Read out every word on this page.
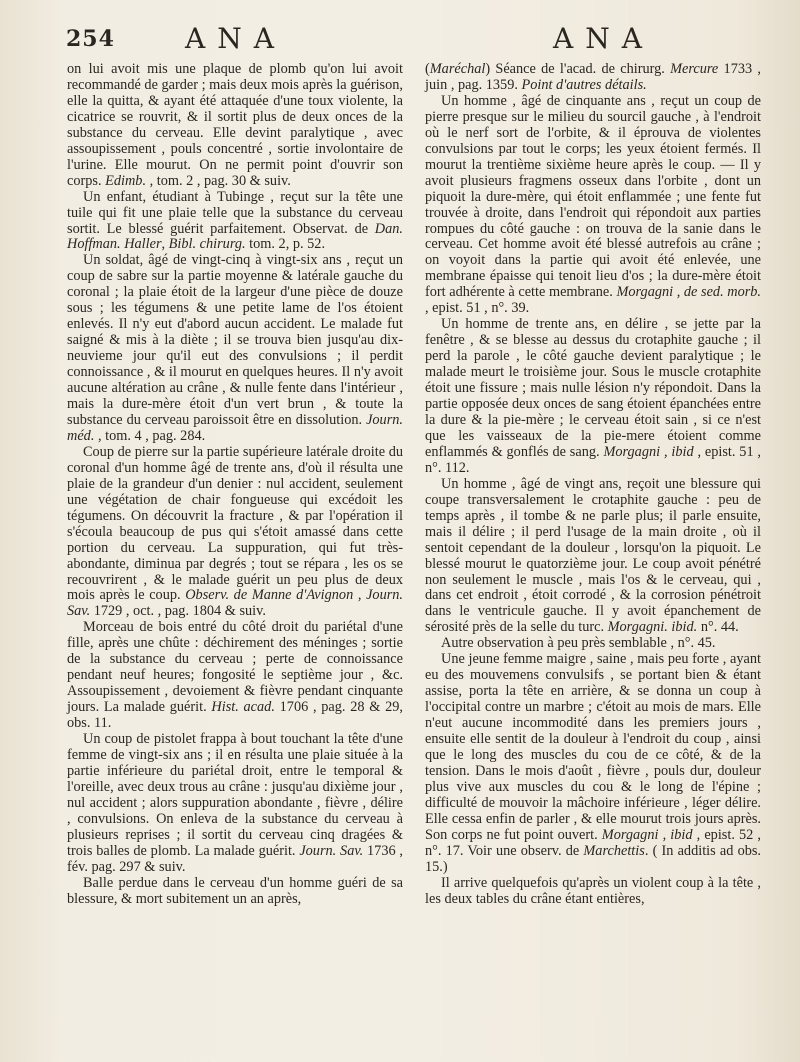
254	ANA	ANA

on lui avoit mis une plaque de plomb qu'on lui avoit recommandé de garder ; mais deux mois après la guérison, elle la quitta, & ayant été attaquée d'une toux violente, la cicatrice se rouvrit, & il sortit plus de deux onces de la substance du cerveau. Elle devint paralytique , avec assoupissement , pouls concentré , sortie involontaire de l'urine. Elle mourut. On ne permit point d'ouvrir son corps. Edimb. , tom. 2 , pag. 30 & suiv.

Un enfant, étudiant à Tubinge , reçut sur la tête une tuile qui fit une plaie telle que la substance du cerveau sortit. Le blessé guérit parfaitement. Observat. de Dan. Hoffman. Haller, Bibl. chirurg. tom. 2, p. 52.

Un soldat, âgé de vingt-cinq à vingt-six ans , reçut un coup de sabre sur la partie moyenne & latérale gauche du coronal ; la plaie étoit de la largeur d'une pièce de douze sous ; les tégumens & une petite lame de l'os étoient enlevés. Il n'y eut d'abord aucun accident. Le malade fut saigné & mis à la diète ; il se trouva bien jusqu'au dix-neuvieme jour qu'il eut des convulsions ; il perdit connoissance , & il mourut en quelques heures. Il n'y avoit aucune altération au crâne , & nulle fente dans l'intérieur , mais la dure-mère étoit d'un vert brun , & toute la substance du cerveau paroissoit être en dissolution. Journ. méd. , tom. 4 , pag. 284.

Coup de pierre sur la partie supérieure latérale droite du coronal d'un homme âgé de trente ans, d'où il résulta une plaie de la grandeur d'un denier : nul accident, seulement une végétation de chair fongueuse qui excédoit les tégumens. On découvrit la fracture , & par l'opération il s'écoula beaucoup de pus qui s'étoit amassé dans cette portion du cerveau. La suppuration, qui fut très-abondante, diminua par degrés ; tout se répara , les os se recouvrirent , & le malade guérit un peu plus de deux mois après le coup. Observ. de Manne d'Avignon , Journ. Sav. 1729 , oct. , pag. 1804 & suiv.

Morceau de bois entré du côté droit du pariétal d'une fille, après une chûte : déchirement des méninges ; sortie de la substance du cerveau ; perte de connoissance pendant neuf heures; fongosité le septième jour , &c. Assoupissement , devoiement & fièvre pendant cinquante jours. La malade guérit. Hist. acad. 1706 , pag. 28 & 29, obs. 11.

Un coup de pistolet frappa à bout touchant la tête d'une femme de vingt-six ans ; il en résulta une plaie située à la partie inférieure du pariétal droit, entre le temporal & l'oreille, avec deux trous au crâne : jusqu'au dixième jour , nul accident ; alors suppuration abondante , fièvre , délire , convulsions. On enleva de la substance du cerveau à plusieurs reprises ; il sortit du cerveau cinq dragées & trois balles de plomb. La malade guérit. Journ. Sav. 1736 , fév. pag. 297 & suiv.

Balle perdue dans le cerveau d'un homme guéri de sa blessure, & mort subitement un an après,

(Maréchal) Séance de l'acad. de chirurg. Mercure 1733 , juin , pag. 1359. Point d'autres détails.

Un homme , âgé de cinquante ans , reçut un coup de pierre presque sur le milieu du sourcil gauche , à l'endroit où le nerf sort de l'orbite, & il éprouva de violentes convulsions par tout le corps; les yeux étoient fermés. Il mourut la trentième sixième heure après le coup. — Il y avoit plusieurs fragmens osseux dans l'orbite , dont un piquoit la dure-mère, qui étoit enflammée ; une fente fut trouvée à droite, dans l'endroit qui répondoit aux parties rompues du côté gauche : on trouva de la sanie dans le cerveau. Cet homme avoit été blessé autrefois au crâne ; on voyoit dans la partie qui avoit été enlevée, une membrane épaisse qui tenoit lieu d'os ; la dure-mère étoit fort adhérente à cette membrane. Morgagni , de sed. morb. , epist. 51 , n°. 39.

Un homme de trente ans, en délire , se jette par la fenêtre , & se blesse au dessus du crotaphite gauche ; il perd la parole , le côté gauche devient paralytique ; le malade meurt le troisième jour. Sous le muscle crotaphite étoit une fissure ; mais nulle lésion n'y répondoit. Dans la partie opposée deux onces de sang étoient épanchées entre la dure & la pie-mère ; le cerveau étoit sain , si ce n'est que les vaisseaux de la pie-mere étoient comme enflammés & gonflés de sang. Morgagni , ibid , epist. 51 , n°. 112.

Un homme , âgé de vingt ans, reçoit une blessure qui coupe transversalement le crotaphite gauche : peu de temps après , il tombe & ne parle plus; il parle ensuite, mais il délire ; il perd l'usage de la main droite , où il sentoit cependant de la douleur , lorsqu'on la piquoit. Le blessé mourut le quatorzième jour. Le coup avoit pénétré non seulement le muscle , mais l'os & le cerveau, qui , dans cet endroit , étoit corrodé , & la corrosion pénétroit dans le ventricule gauche. Il y avoit épanchement de sérosité près de la selle du turc. Morgagni. ibid. n°. 44.

Autre observation à peu près semblable , n°. 45.

Une jeune femme maigre , saine , mais peu forte , ayant eu des mouvemens convulsifs , se portant bien & étant assise, porta la tête en arrière, & se donna un coup à l'occipital contre un marbre ; c'étoit au mois de mars. Elle n'eut aucune incommodité dans les premiers jours , ensuite elle sentit de la douleur à l'endroit du coup , ainsi que le long des muscles du cou de ce côté, & de la tension. Dans le mois d'août , fièvre , pouls dur, douleur plus vive aux muscles du cou & le long de l'épine ; difficulté de mouvoir la mâchoire inférieure , léger délire. Elle cessa enfin de parler , & elle mourut trois jours après. Son corps ne fut point ouvert. Morgagni , ibid , epist. 52 , n°. 17. Voir une observ. de Marchettis. ( In additis ad obs. 15.)

Il arrive quelquefois qu'après un violent coup à la tête , les deux tables du crâne étant entières,
